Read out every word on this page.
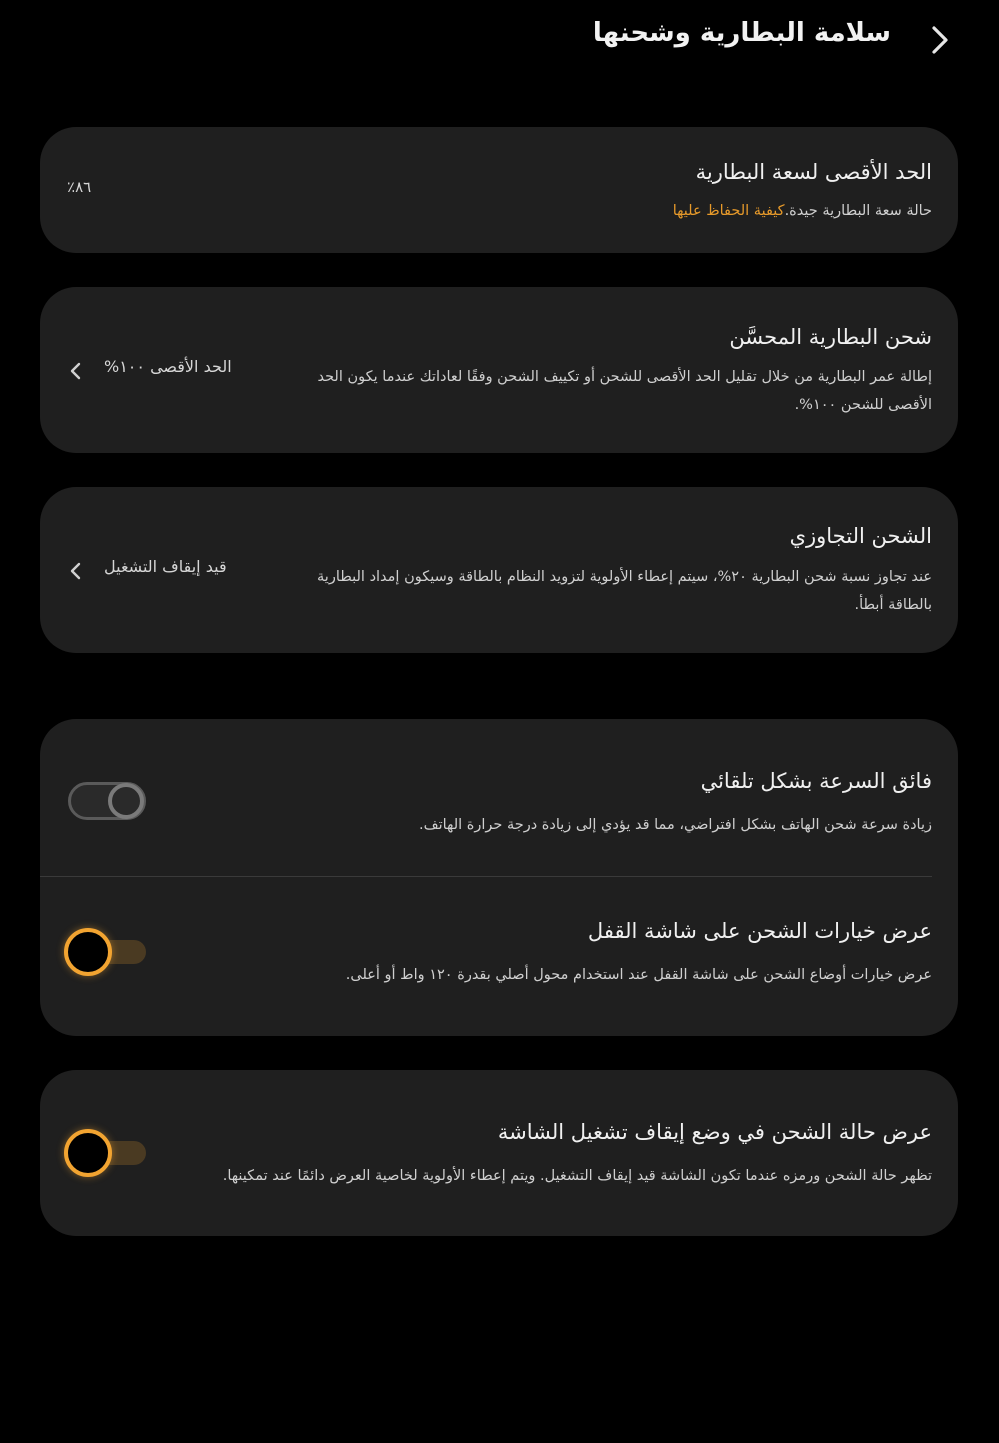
سلامة البطارية وشحنها
الحد الأقصى لسعة البطارية
حالة سعة البطارية جيدة.كيفية الحفاظ عليها
٨٦٪
شحن البطارية المحسَّن
إطالة عمر البطارية من خلال تقليل الحد الأقصى للشحن أو تكييف الشحن وفقًا لعاداتك عندما يكون الحد الأقصى للشحن ١٠٠%.
الحد الأقصى ١٠٠%
الشحن التجاوزي
عند تجاوز نسبة شحن البطارية ٢٠%، سيتم إعطاء الأولوية لتزويد النظام بالطاقة وسيكون إمداد البطارية بالطاقة أبطأ.
قيد إيقاف التشغيل
فائق السرعة بشكل تلقائي
زيادة سرعة شحن الهاتف بشكل افتراضي، مما قد يؤدي إلى زيادة درجة حرارة الهاتف.
عرض خيارات الشحن على شاشة القفل
عرض خيارات أوضاع الشحن على شاشة القفل عند استخدام محول أصلي بقدرة ١٢٠ واط أو أعلى.
عرض حالة الشحن في وضع إيقاف تشغيل الشاشة
تظهر حالة الشحن ورمزه عندما تكون الشاشة قيد إيقاف التشغيل. ويتم إعطاء الأولوية لخاصية العرض دائمًا عند تمكينها.
